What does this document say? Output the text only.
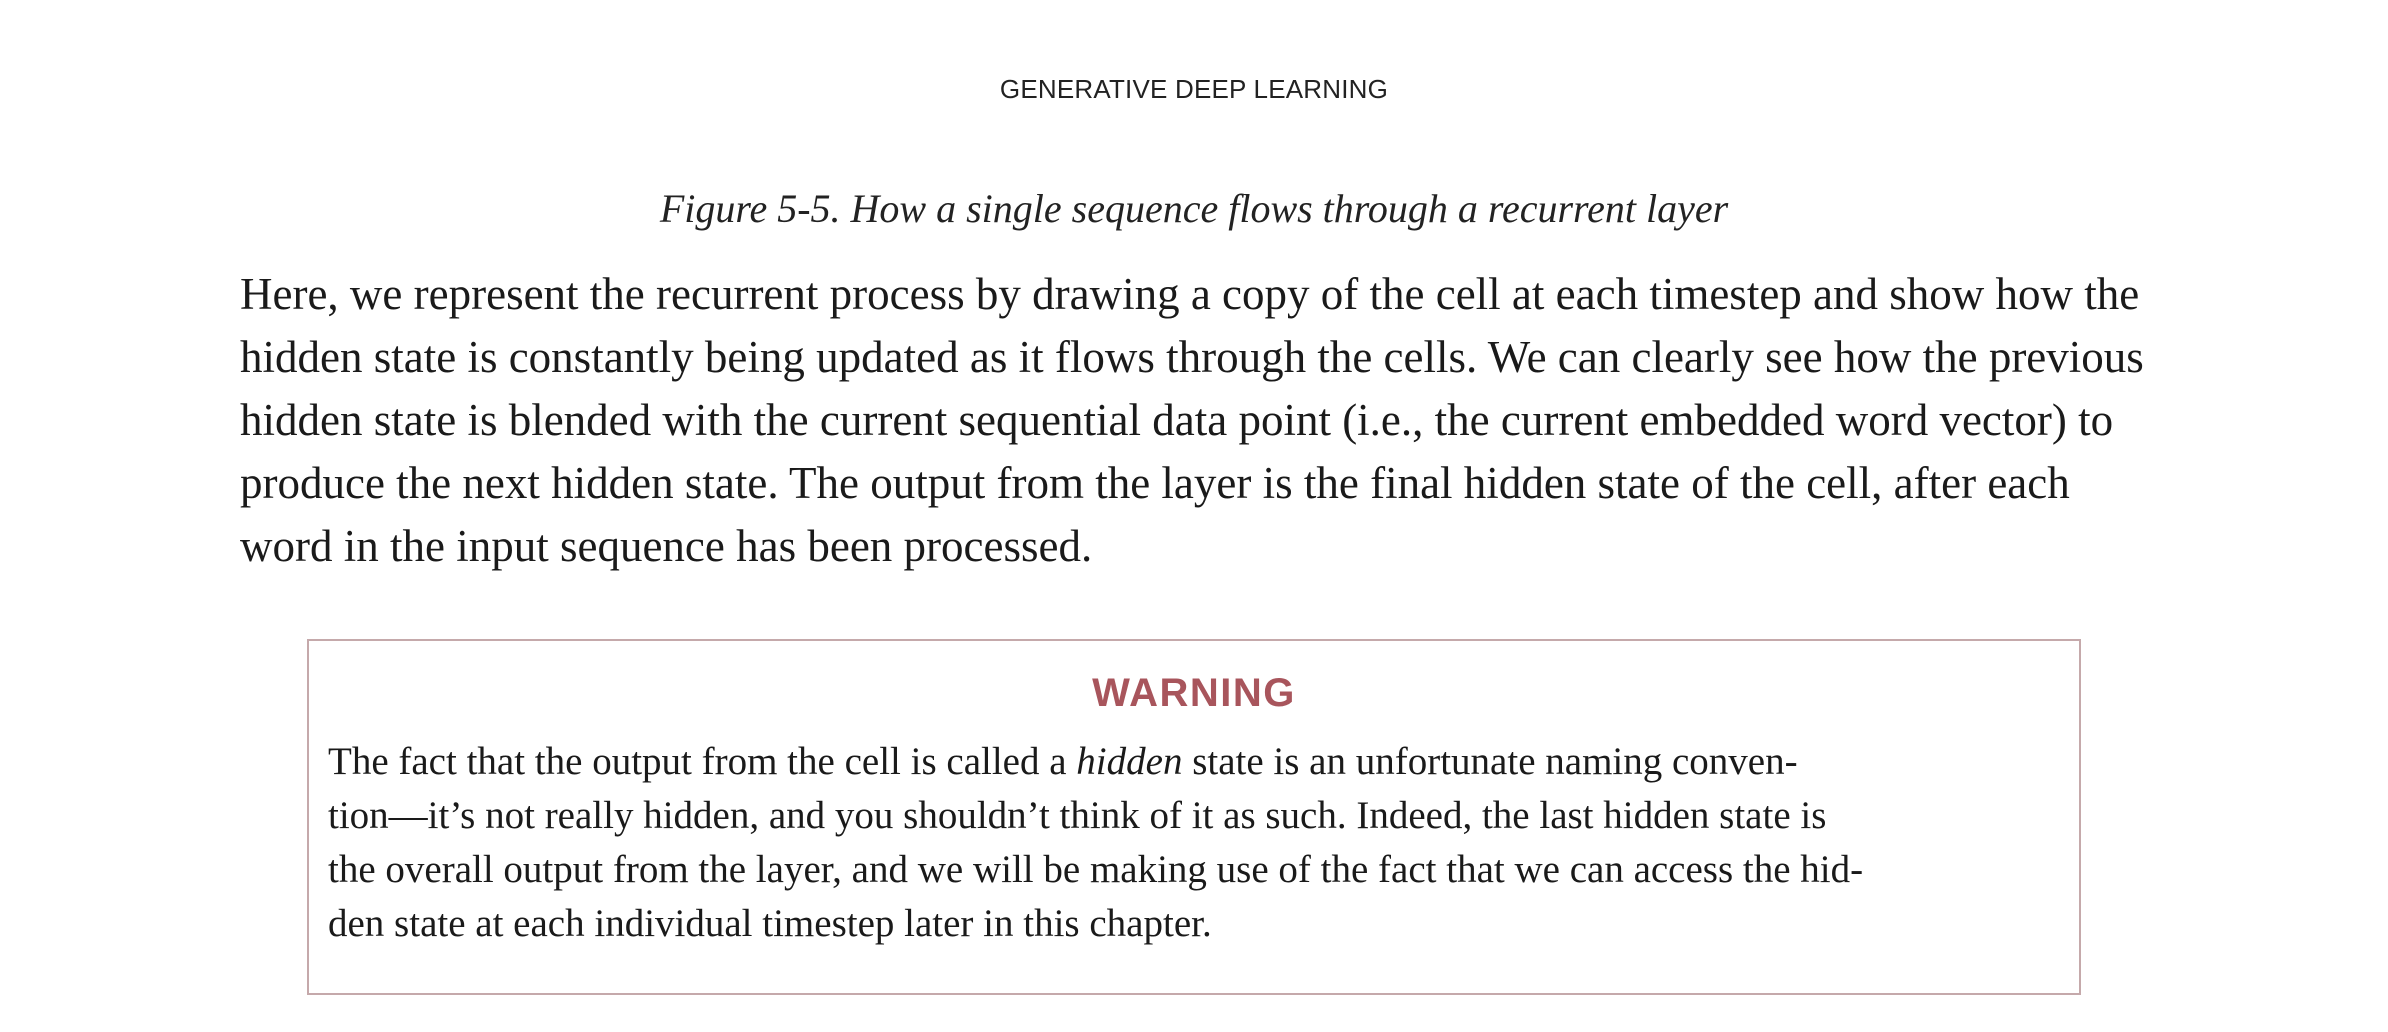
GENERATIVE DEEP LEARNING
Figure 5-5. How a single sequence flows through a recurrent layer

Here, we represent the recurrent process by drawing a copy of the cell at each timestep and show how the hidden state is constantly being updated as it flows through the cells. We can clearly see how the previous hidden state is blended with the current sequential data point (i.e., the current embedded word vector) to produce the next hidden state. The output from the layer is the final hidden state of the cell, after each word in the input sequence has been processed.

WARNING

The fact that the output from the cell is called a hidden state is an unfortunate naming conven-
tion—it’s not really hidden, and you shouldn’t think of it as such. Indeed, the last hidden state is
the overall output from the layer, and we will be making use of the fact that we can access the hid-
den state at each individual timestep later in this chapter.
